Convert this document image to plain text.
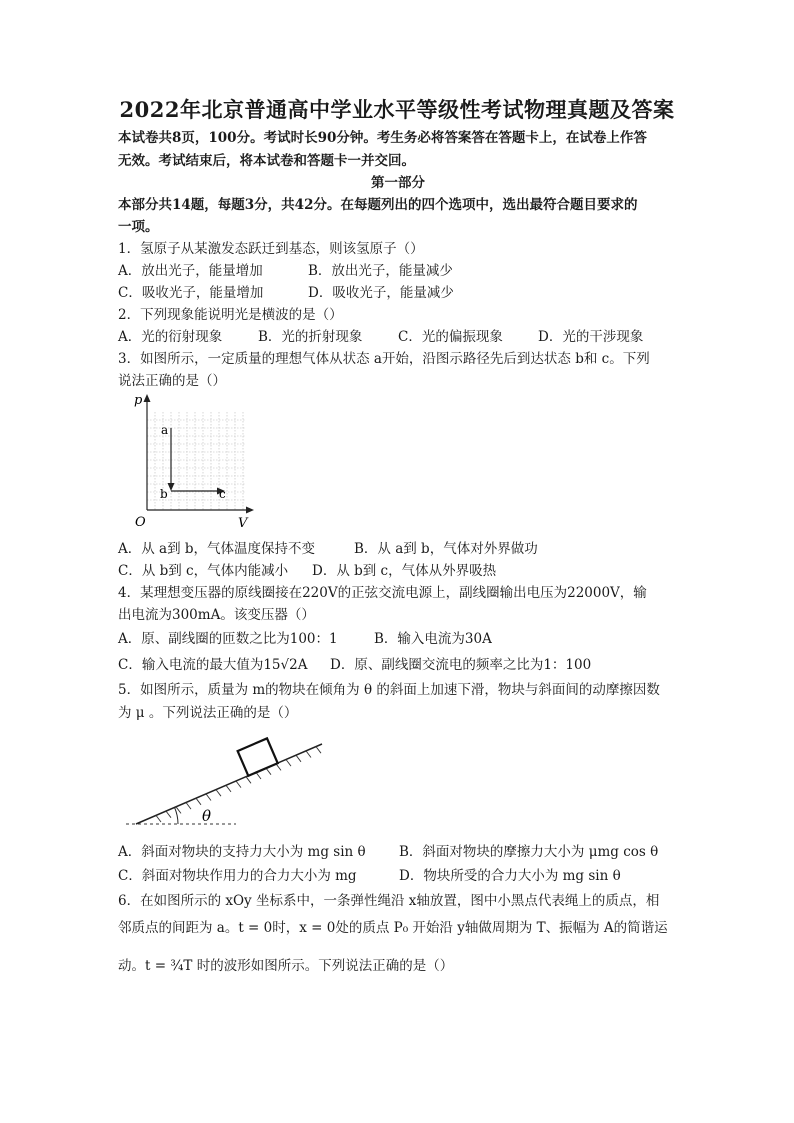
2022年北京普通高中学业水平等级性考试物理真题及答案
本试卷共8页，100分。考试时长90分钟。考生务必将答案答在答题卡上，在试卷上作答
无效。考试结束后，将本试卷和答题卡一并交回。
第一部分
本部分共14题，每题3分，共42分。在每题列出的四个选项中，选出最符合题目要求的
一项。
1．氢原子从某激发态跃迁到基态，则该氢原子（）
A．放出光子，能量增加	B．放出光子，能量减少
C．吸收光子，能量增加	D．吸收光子，能量减少
2．下列现象能说明光是横波的是（）
A．光的衍射现象	B．光的折射现象	C．光的偏振现象	D．光的干涉现象
3．如图所示，一定质量的理想气体从状态 a开始，沿图示路径先后到达状态 b和 c。下列
说法正确的是（）
p
V
O
a
b	c
A．从 a到 b，气体温度保持不变	B．从 a到 b，气体对外界做功
C．从 b到 c，气体内能减小	D．从 b到 c，气体从外界吸热
4．某理想变压器的原线圈接在220V的正弦交流电源上，副线圈输出电压为22000V，输
出电流为300mA。该变压器（）
A．原、副线圈的匝数之比为100：1	B．输入电流为30A
C．输入电流的最大值为15√2A	D．原、副线圈交流电的频率之比为1：100
5．如图所示，质量为 m的物块在倾角为 θ 的斜面上加速下滑，物块与斜面间的动摩擦因数
为 μ 。下列说法正确的是（）
θ
A．斜面对物块的支持力大小为 mg sin θ	B．斜面对物块的摩擦力大小为 μmg cos θ
C．斜面对物块作用力的合力大小为 mg	D．物块所受的合力大小为 mg sin θ
6．在如图所示的 xOy 坐标系中，一条弹性绳沿 x轴放置，图中小黑点代表绳上的质点，相
邻质点的间距为 a。t = 0时，x = 0处的质点 P₀ 开始沿 y轴做周期为 T、振幅为 A的简谐运
动。t = ¾T 时的波形如图所示。下列说法正确的是（）
